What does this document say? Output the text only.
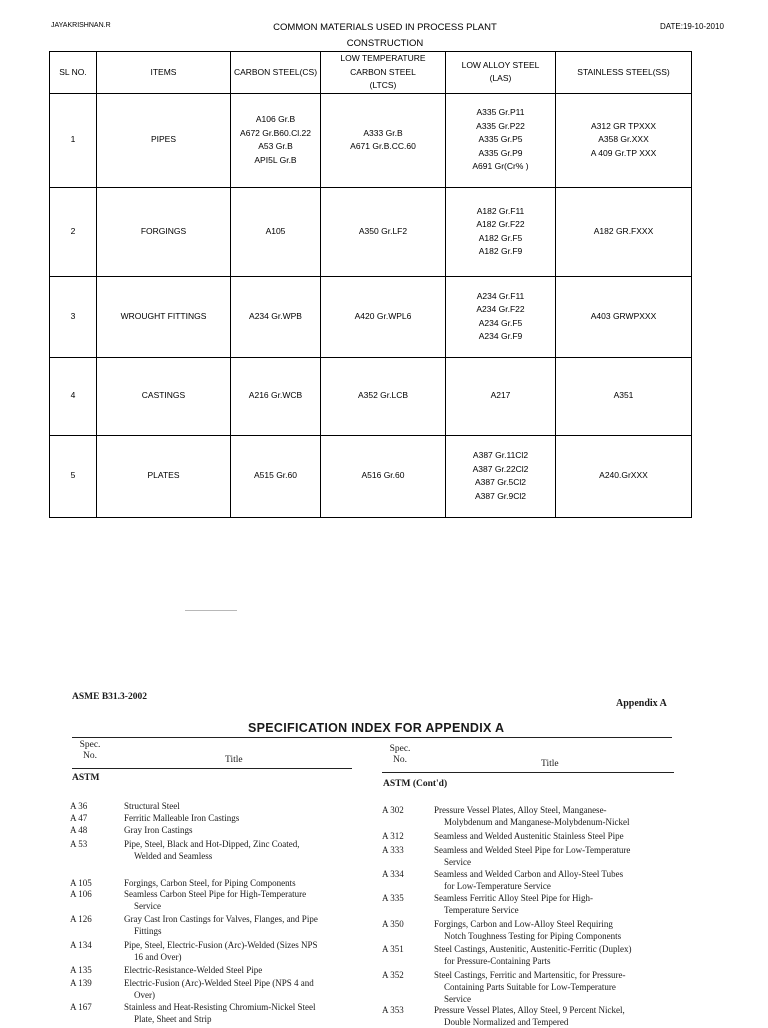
JAYAKRISHNAN.R	COMMON MATERIALS USED IN PROCESS PLANT
CONSTRUCTION
DATE:19-10-2010
SL NO.	ITEMS	CARBON STEEL(CS)	LOW TEMPERATURE
CARBON STEEL
(LTCS)	LOW ALLOY STEEL
(LAS)	STAINLESS STEEL(SS)

1	PIPES	A106 Gr.B
A672 Gr.B60.Cl.22
A53 Gr.B
API5L Gr.B	A333 Gr.B
A671 Gr.B.CC.60	A335 Gr.P11
A335 Gr.P22
A335 Gr.P5
A335 Gr.P9
A691 Gr(Cr% )	A312 GR TPXXX
A358 Gr.XXX
A 409 Gr.TP XXX

2	FORGINGS	A105	A350 Gr.LF2	A182 Gr.F11
A182 Gr.F22
A182 Gr.F5
A182 Gr.F9	A182 GR.FXXX

3	WROUGHT FITTINGS	A234 Gr.WPB	A420 Gr.WPL6	A234 Gr.F11
A234 Gr.F22
A234 Gr.F5
A234 Gr.F9	A403 GRWPXXX

4	CASTINGS	A216 Gr.WCB	A352 Gr.LCB	A217	A351

5	PLATES	A515 Gr.60	A516 Gr.60	A387 Gr.11Cl2
A387 Gr.22Cl2
A387 Gr.5Cl2
A387 Gr.9Cl2	A240.GrXXX
ASME B31.3-2002
Appendix A
SPECIFICATION INDEX FOR APPENDIX A
Spec.
No.	Title
Spec.
No.	Title
ASTM
ASTM (Cont'd)
A 36	Structural Steel
A 47	Ferritic Malleable Iron Castings
A 48	Gray Iron Castings
A 53	Pipe, Steel, Black and Hot-Dipped, Zinc Coated,
Welded and Seamless
A 105	Forgings, Carbon Steel, for Piping Components
A 106	Seamless Carbon Steel Pipe for High-Temperature
Service
A 126	Gray Cast Iron Castings for Valves, Flanges, and Pipe
Fittings
A 134	Pipe, Steel, Electric-Fusion (Arc)-Welded (Sizes NPS
16 and Over)
A 135	Electric-Resistance-Welded Steel Pipe
A 139	Electric-Fusion (Arc)-Welded Steel Pipe (NPS 4 and
Over)
A 167	Stainless and Heat-Resisting Chromium-Nickel Steel
Plate, Sheet and Strip
A 302	Pressure Vessel Plates, Alloy Steel, Manganese-
Molybdenum and Manganese-Molybdenum-Nickel
A 312	Seamless and Welded Austenitic Stainless Steel Pipe
A 333	Seamless and Welded Steel Pipe for Low-Temperature
Service
A 334	Seamless and Welded Carbon and Alloy-Steel Tubes
for Low-Temperature Service
A 335	Seamless Ferritic Alloy Steel Pipe for High-
Temperature Service
A 350	Forgings, Carbon and Low-Alloy Steel Requiring
Notch Toughness Testing for Piping Components
A 351	Steel Castings, Austenitic, Austenitic-Ferritic (Duplex)
for Pressure-Containing Parts
A 352	Steel Castings, Ferritic and Martensitic, for Pressure-
Containing Parts Suitable for Low-Temperature
Service
A 353	Pressure Vessel Plates, Alloy Steel, 9 Percent Nickel,
Double Normalized and Tempered
